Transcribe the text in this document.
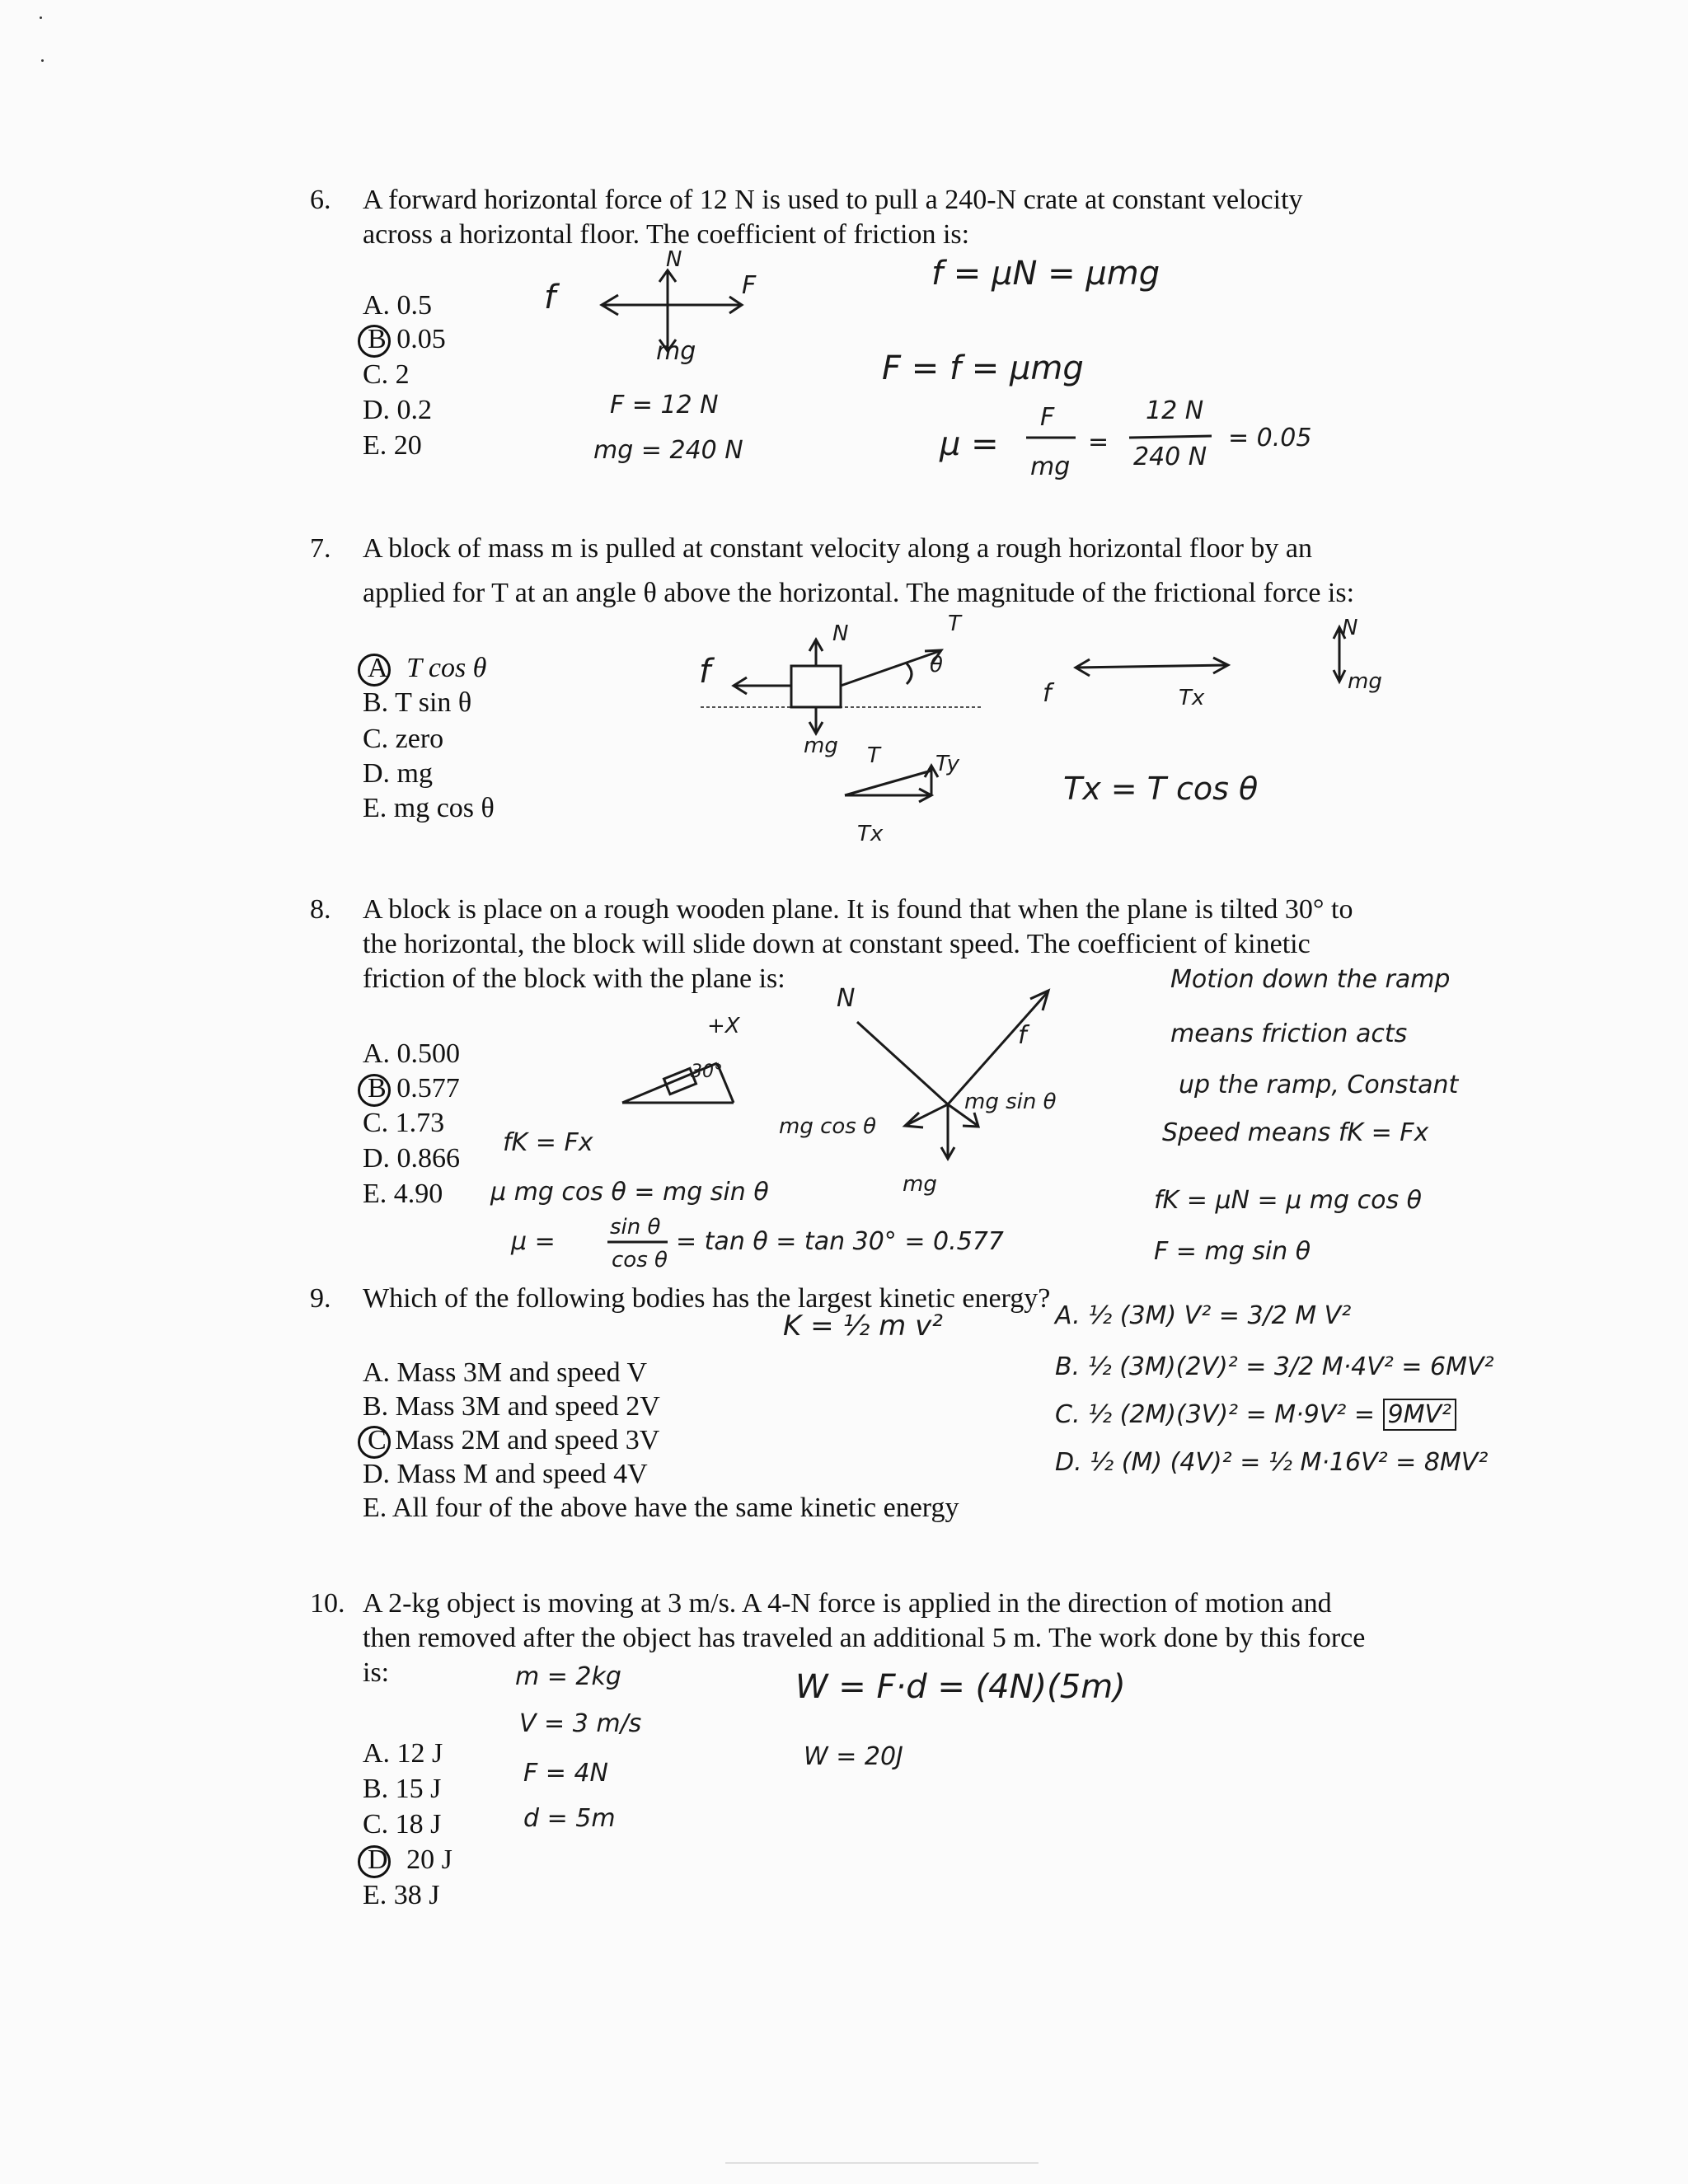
6. A forward horizontal force of 12 N is used to pull a 240-N crate at constant velocity
across a horizontal floor. The coefficient of friction is:
A. 0.5
B 0.05
C. 2
D. 0.2
E. 20
f	F
N
mg
F = 12 N
mg = 240 N
f = μN = μmg
F = f = μmg
μ =
F
mg
=
12 N
240 N
= 0.05
7. A block of mass m is pulled at constant velocity along a rough horizontal floor by an
applied for T at an angle θ above the horizontal. The magnitude of the frictional force is:
A T cos θ
B. T sin θ
C. zero
D. mg
E. mg cos θ
f
N	T
θ
mg T	Ty
Tx
f	Tx
N
mg
Tx = T cos θ
8. A block is place on a rough wooden plane. It is found that when the plane is tilted 30° to
the horizontal, the block will slide down at constant speed. The coefficient of kinetic
friction of the block with the plane is:
A. 0.500
B 0.577
C. 1.73
D. 0.866
E. 4.90
+X
30°
N
f
mg cos θ
mg sin θ
mg
fK = Fx
μ mg cos θ = mg sin θ
μ =	sin θ
cos θ
= tan θ = tan 30° = 0.577
Motion down the ramp
means friction acts
up the ramp, Constant
Speed means fK = Fx
fK = μN = μ mg cos θ
F = mg sin θ
9. Which of the following bodies has the largest kinetic energy?
A. Mass 3M and speed V
B. Mass 3M and speed 2V
C Mass 2M and speed 3V
D. Mass M and speed 4V
E. All four of the above have the same kinetic energy
K = ½ m v²	A. ½ (3M) V² = 3/2 M V²
B. ½ (3M)(2V)² = 3/2 M·4V² = 6MV²
C. ½ (2M)(3V)² = M·9V² = 9MV²
D. ½ (M) (4V)² = ½ M·16V² = 8MV²
10. A 2-kg object is moving at 3 m/s. A 4-N force is applied in the direction of motion and
then removed after the object has traveled an additional 5 m. The work done by this force
is:
A. 12 J
B. 15 J
C. 18 J
D 20 J
E. 38 J
m = 2kg
V = 3 m/s
F = 4N
d = 5m
W = F·d = (4N)(5m)
W = 20J
